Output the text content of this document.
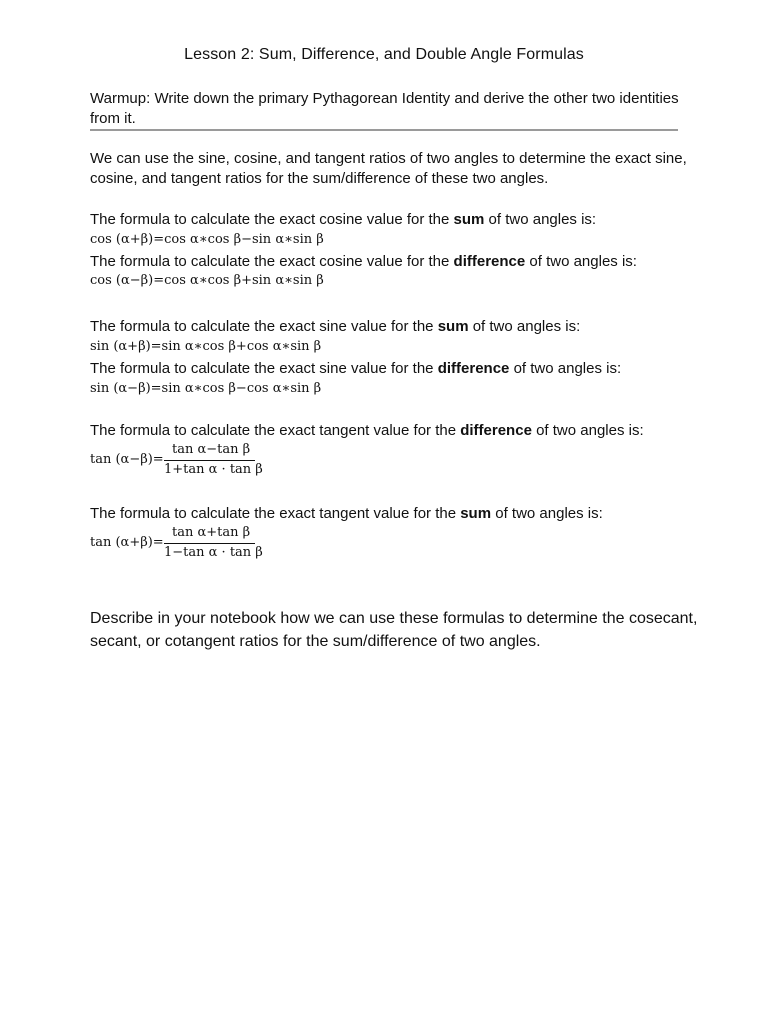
Lesson 2: Sum, Difference, and Double Angle Formulas
Warmup: Write down the primary Pythagorean Identity and derive the other two identities from it.
We can use the sine, cosine, and tangent ratios of two angles to determine the exact sine, cosine, and tangent ratios for the sum/difference of these two angles.
The formula to calculate the exact cosine value for the sum of two angles is:
cos (α+β)=cos α∗cos β−sin α∗sin β
The formula to calculate the exact cosine value for the difference of two angles is:
cos (α−β)=cos α∗cos β+sin α∗sin β
The formula to calculate the exact sine value for the sum of two angles is:
sin (α+β)=sin α∗cos β+cos α∗sin β
The formula to calculate the exact sine value for the difference of two angles is:
sin (α−β)=sin α∗cos β−cos α∗sin β
The formula to calculate the exact tangent value for the difference of two angles is:
tan (α−β)=
tan α−tan β
1+tan α · tan β
The formula to calculate the exact tangent value for the sum of two angles is:
tan (α+β)=
tan α+tan β
1−tan α · tan β
Describe in your notebook how we can use these formulas to determine the cosecant, secant, or cotangent ratios for the sum/difference of two angles.
